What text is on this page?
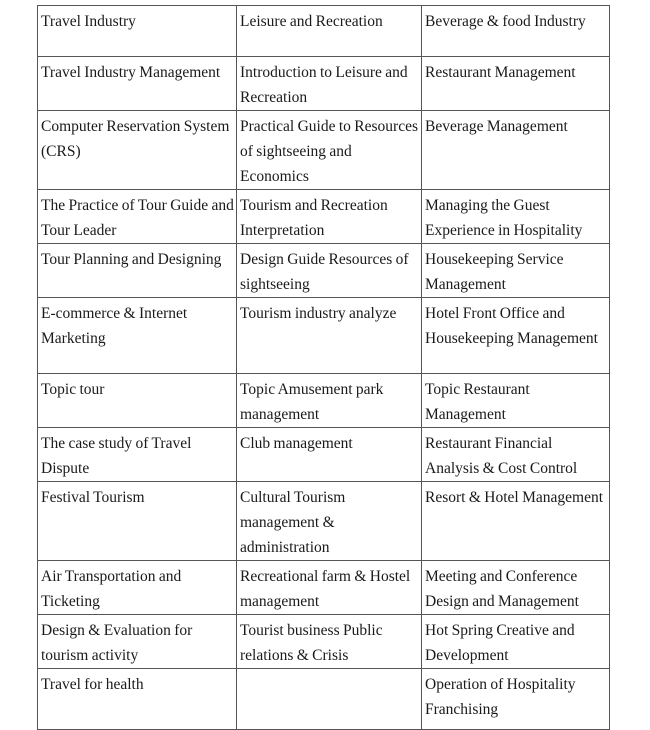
Travel Industry	Leisure and Recreation	Beverage & food Industry
Travel Industry Management	Introduction to Leisure and Recreation	Restaurant Management
Computer Reservation System (CRS)	Practical Guide to Resources of sightseeing and Economics	Beverage Management
The Practice of Tour Guide and Tour Leader	Tourism and Recreation Interpretation	Managing the Guest Experience in Hospitality
Tour Planning and Designing	Design Guide Resources of sightseeing	Housekeeping Service Management
E-commerce & Internet Marketing	Tourism industry analyze	Hotel Front Office and Housekeeping Management
Topic tour	Topic Amusement park management	Topic Restaurant Management
The case study of Travel Dispute	Club management	Restaurant Financial Analysis & Cost Control
Festival Tourism	Cultural Tourism management & administration	Resort & Hotel Management
Air Transportation and Ticketing	Recreational farm & Hostel management	Meeting and Conference Design and Management
Design & Evaluation for tourism activity	Tourist business Public relations & Crisis	Hot Spring Creative and Development
Travel for health		Operation of Hospitality Franchising
